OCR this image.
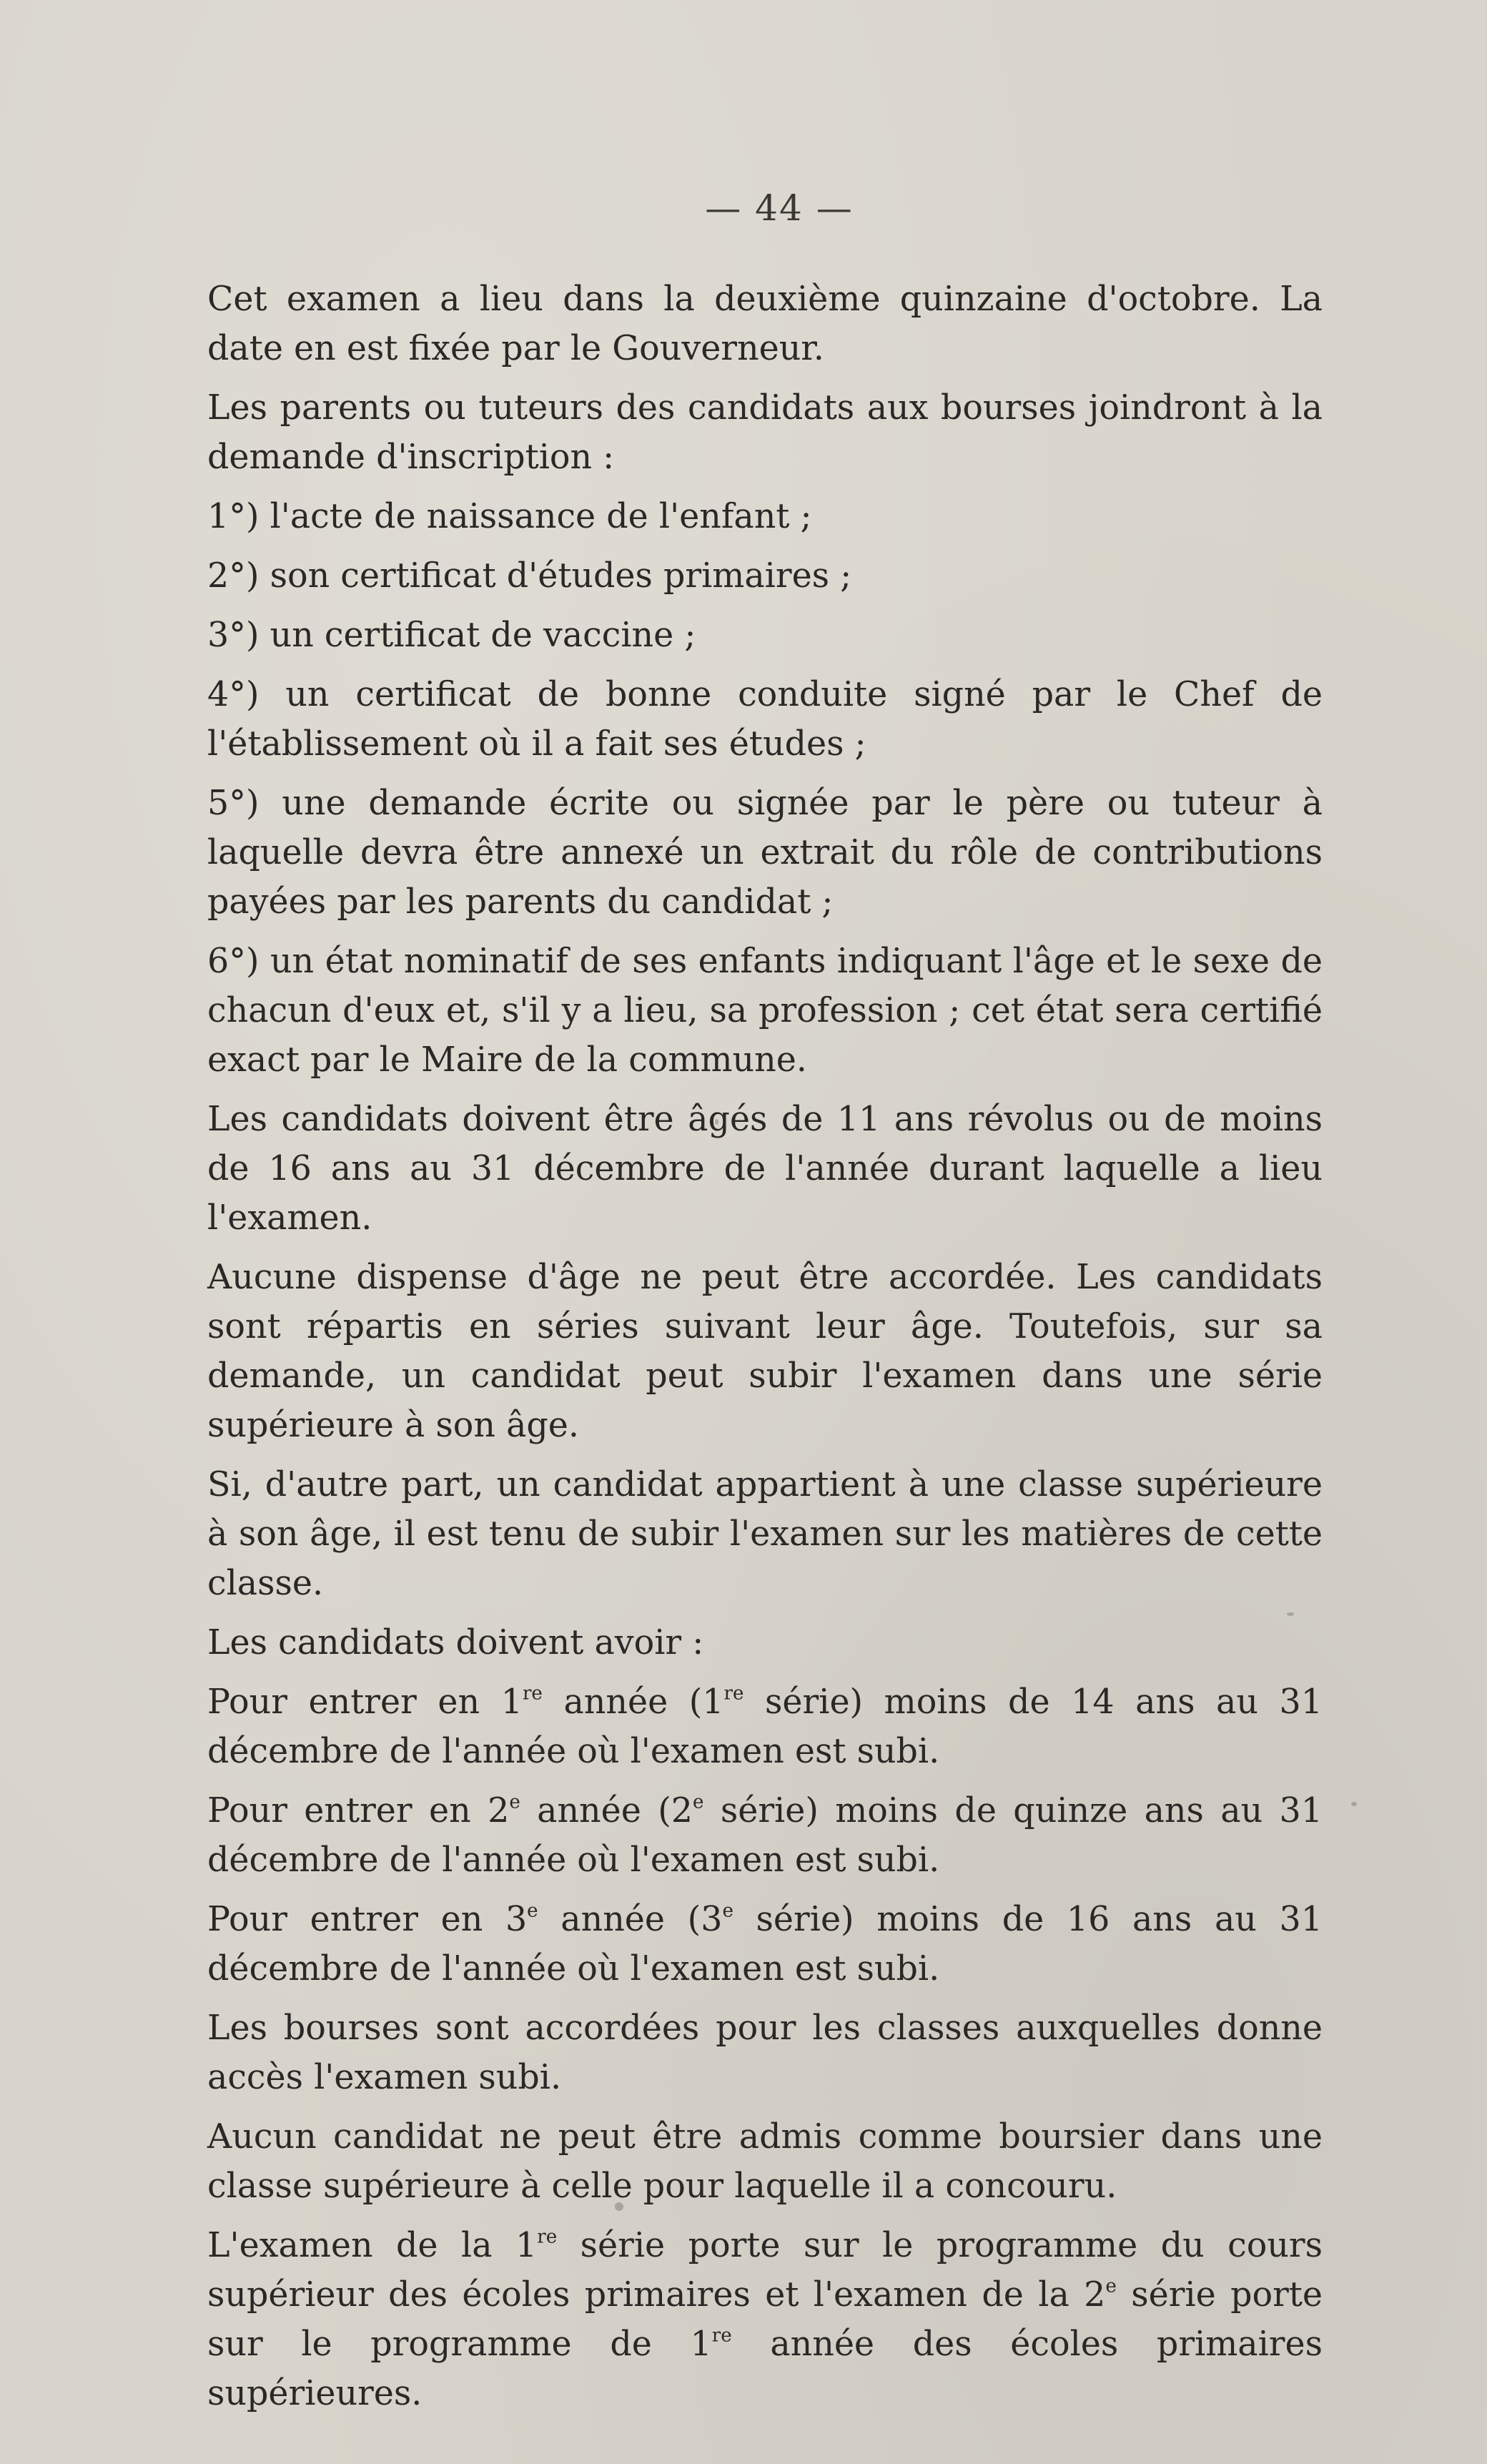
— 44 —

Cet examen a lieu dans la deuxième quinzaine d'octobre. La date en est fixée par le Gouverneur.

Les parents ou tuteurs des candidats aux bourses joindront à la demande d'inscription :

1°) l'acte de naissance de l'enfant ;

2°) son certificat d'études primaires ;

3°) un certificat de vaccine ;

4°) un certificat de bonne conduite signé par le Chef de l'établissement où il a fait ses études ;

5°) une demande écrite ou signée par le père ou tuteur à laquelle devra être annexé un extrait du rôle de contributions payées par les parents du candidat ;

6°) un état nominatif de ses enfants indiquant l'âge et le sexe de chacun d'eux et, s'il y a lieu, sa profession ; cet état sera certifié exact par le Maire de la commune.

Les candidats doivent être âgés de 11 ans révolus ou de moins de 16 ans au 31 décembre de l'année durant laquelle a lieu l'examen.

Aucune dispense d'âge ne peut être accordée. Les candidats sont répartis en séries suivant leur âge. Toutefois, sur sa demande, un candidat peut subir l'examen dans une série supérieure à son âge.

Si, d'autre part, un candidat appartient à une classe supérieure à son âge, il est tenu de subir l'examen sur les matières de cette classe.

Les candidats doivent avoir :

Pour entrer en 1re année (1re série) moins de 14 ans au 31 décembre de l'année où l'examen est subi.

Pour entrer en 2e année (2e série) moins de quinze ans au 31 décembre de l'année où l'examen est subi.

Pour entrer en 3e année (3e série) moins de 16 ans au 31 décembre de l'année où l'examen est subi.

Les bourses sont accordées pour les classes auxquelles donne accès l'examen subi.

Aucun candidat ne peut être admis comme boursier dans une classe supérieure à celle pour laquelle il a concouru.

L'examen de la 1re série porte sur le programme du cours supérieur des écoles primaires et l'examen de la 2e série porte sur le programme de 1re année des écoles primaires supérieures.
